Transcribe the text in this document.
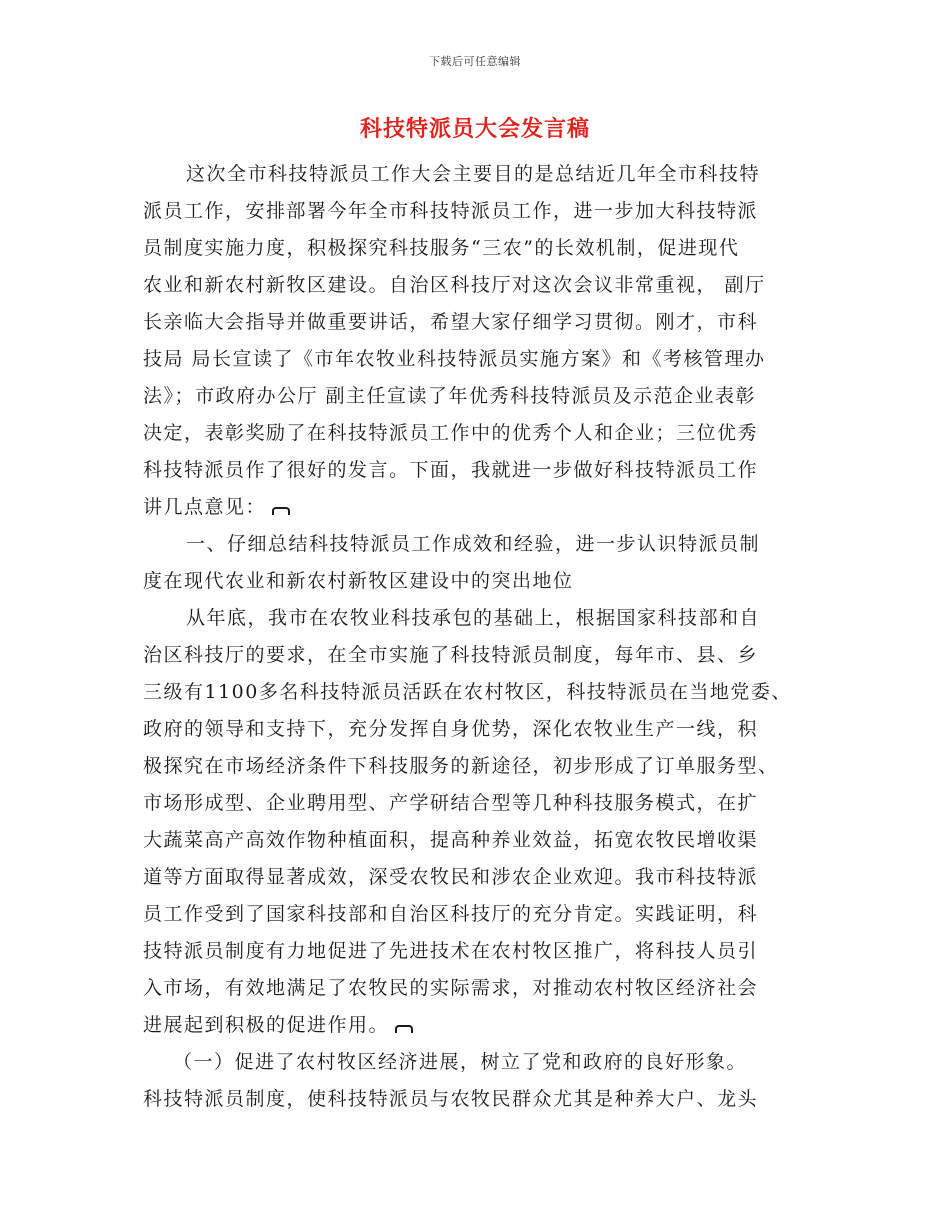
下载后可任意编辑
科技特派员大会发言稿
这次全市科技特派员工作大会主要目的是总结近几年全市科技特
派员工作，安排部署今年全市科技特派员工作，进一步加大科技特派
员制度实施力度，积极探究科技服务“三农”的长效机制，促进现代
农业和新农村新牧区建设。自治区科技厅对这次会议非常重视， 副厅
长亲临大会指导并做重要讲话，希望大家仔细学习贯彻。刚才，市科
技局 局长宣读了《市年农牧业科技特派员实施方案》和《考核管理办
法》；市政府办公厅 副主任宣读了年优秀科技特派员及示范企业表彰
决定，表彰奖励了在科技特派员工作中的优秀个人和企业；三位优秀
科技特派员作了很好的发言。下面，我就进一步做好科技特派员工作
讲几点意见：
一、仔细总结科技特派员工作成效和经验，进一步认识特派员制
度在现代农业和新农村新牧区建设中的突出地位
从年底，我市在农牧业科技承包的基础上，根据国家科技部和自
治区科技厅的要求，在全市实施了科技特派员制度，每年市、县、乡
三级有1100多名科技特派员活跃在农村牧区，科技特派员在当地党委、
政府的领导和支持下，充分发挥自身优势，深化农牧业生产一线，积
极探究在市场经济条件下科技服务的新途径，初步形成了订单服务型、
市场形成型、企业聘用型、产学研结合型等几种科技服务模式，在扩
大蔬菜高产高效作物种植面积，提高种养业效益，拓宽农牧民增收渠
道等方面取得显著成效，深受农牧民和涉农企业欢迎。我市科技特派
员工作受到了国家科技部和自治区科技厅的充分肯定。实践证明，科
技特派员制度有力地促进了先进技术在农村牧区推广，将科技人员引
入市场，有效地满足了农牧民的实际需求，对推动农村牧区经济社会
进展起到积极的促进作用。
（一）促进了农村牧区经济进展，树立了党和政府的良好形象。
科技特派员制度，使科技特派员与农牧民群众尤其是种养大户、龙头
